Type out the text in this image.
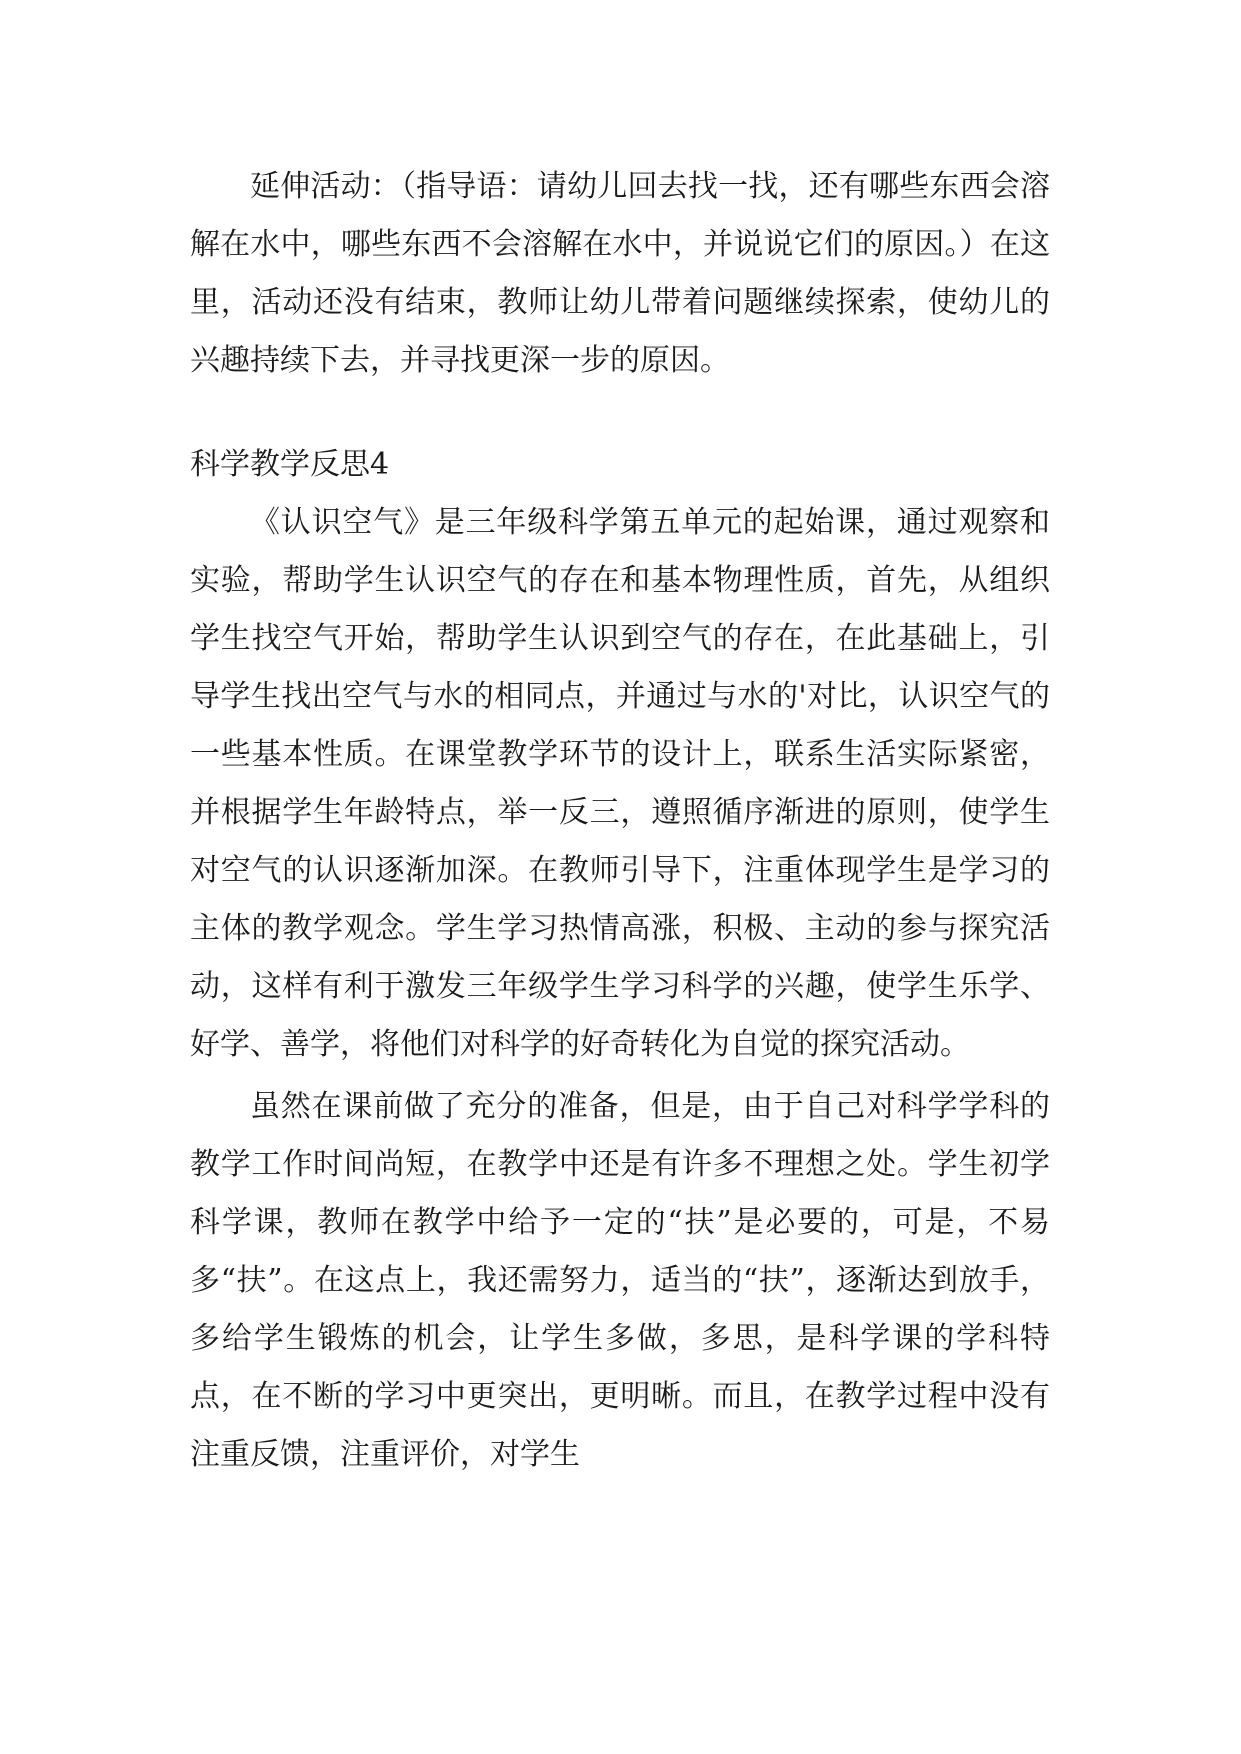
延伸活动：（指导语：请幼儿回去找一找，还有哪些东西会溶解在水中，哪些东西不会溶解在水中，并说说它们的原因。）在这里，活动还没有结束，教师让幼儿带着问题继续探索，使幼儿的兴趣持续下去，并寻找更深一步的原因。

科学教学反思4

《认识空气》是三年级科学第五单元的起始课，通过观察和实验，帮助学生认识空气的存在和基本物理性质，首先，从组织学生找空气开始，帮助学生认识到空气的存在，在此基础上，引导学生找出空气与水的相同点，并通过与水的'对比，认识空气的一些基本性质。在课堂教学环节的设计上，联系生活实际紧密，并根据学生年龄特点，举一反三，遵照循序渐进的原则，使学生对空气的认识逐渐加深。在教师引导下，注重体现学生是学习的主体的教学观念。学生学习热情高涨，积极、主动的参与探究活动，这样有利于激发三年级学生学习科学的兴趣，使学生乐学、好学、善学，将他们对科学的好奇转化为自觉的探究活动。

虽然在课前做了充分的准备，但是，由于自己对科学学科的教学工作时间尚短，在教学中还是有许多不理想之处。学生初学科学课，教师在教学中给予一定的“扶”是必要的，可是，不易多“扶”。在这点上，我还需努力，适当的“扶”，逐渐达到放手，多给学生锻炼的机会，让学生多做，多思，是科学课的学科特点，在不断的学习中更突出，更明晰。而且，在教学过程中没有注重反馈，注重评价，对学生
